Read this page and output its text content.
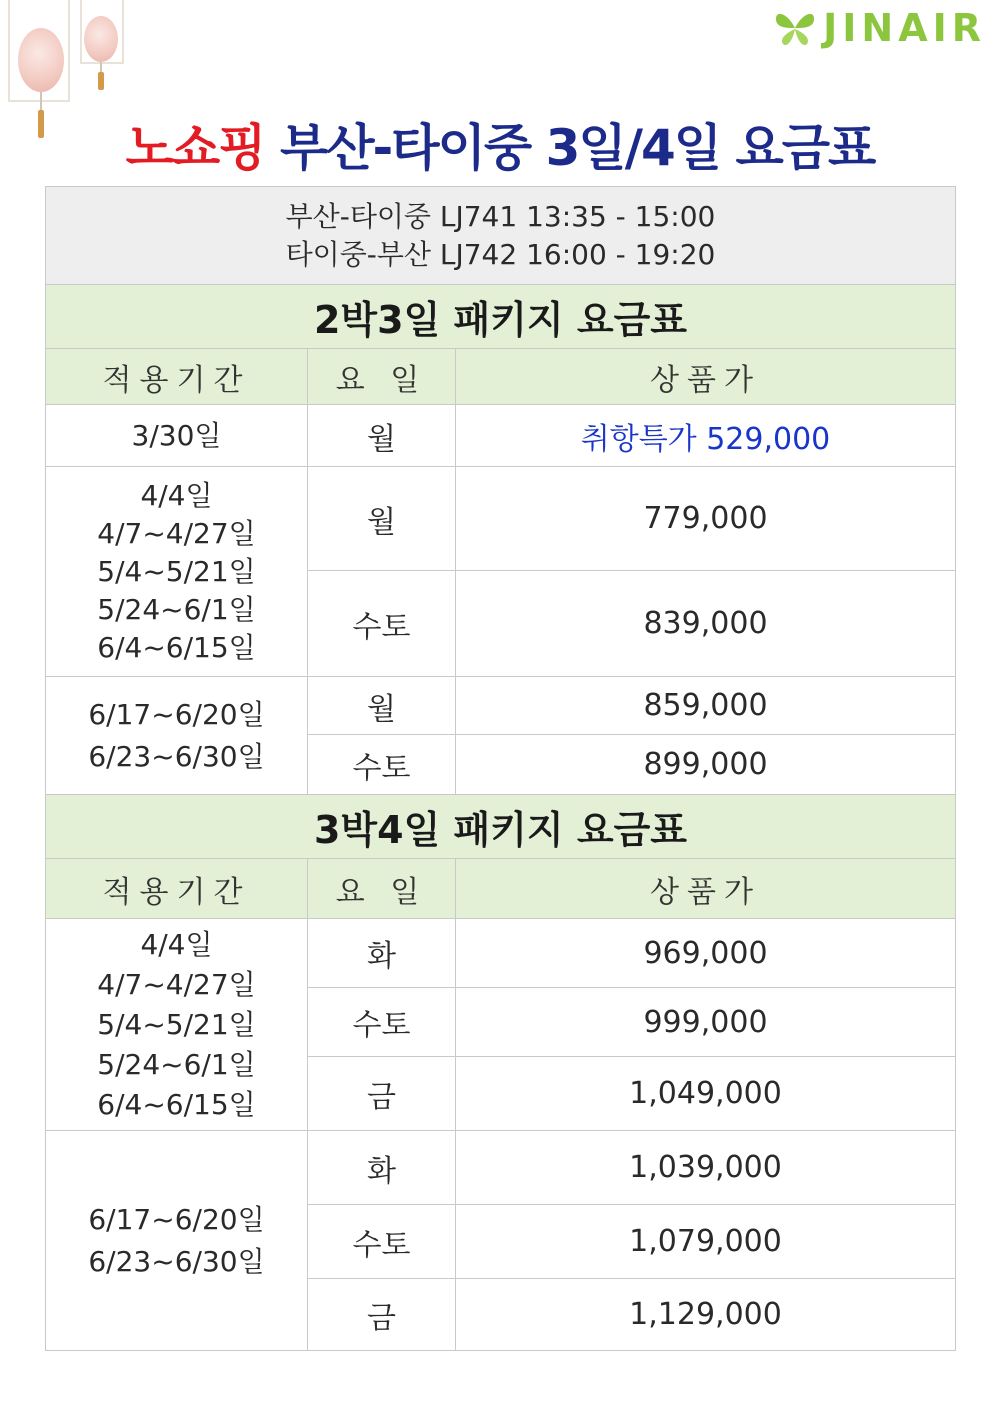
JINAIR
노쇼핑 부산-타이중 3일/4일 요금표
부산-타이중 LJ741 13:35 - 15:00
타이중-부산 LJ742 16:00 - 19:20		

2박3일 패키지 요금표		
적용기간	요 일	상품가
3/30일	월	취항특가 529,000
4/4일
4/7~4/27일
5/4~5/21일
5/24~6/1일
6/4~6/15일	월	779,000
	수토	839,000
6/17~6/20일
6/23~6/30일	월	859,000
	수토	899,000
3박4일 패키지 요금표		
적용기간	요 일	상품가
4/4일
4/7~4/27일
5/4~5/21일
5/24~6/1일
6/4~6/15일	화	969,000
	수토	999,000
	금	1,049,000
6/17~6/20일
6/23~6/30일	화	1,039,000
	수토	1,079,000
	금	1,129,000
